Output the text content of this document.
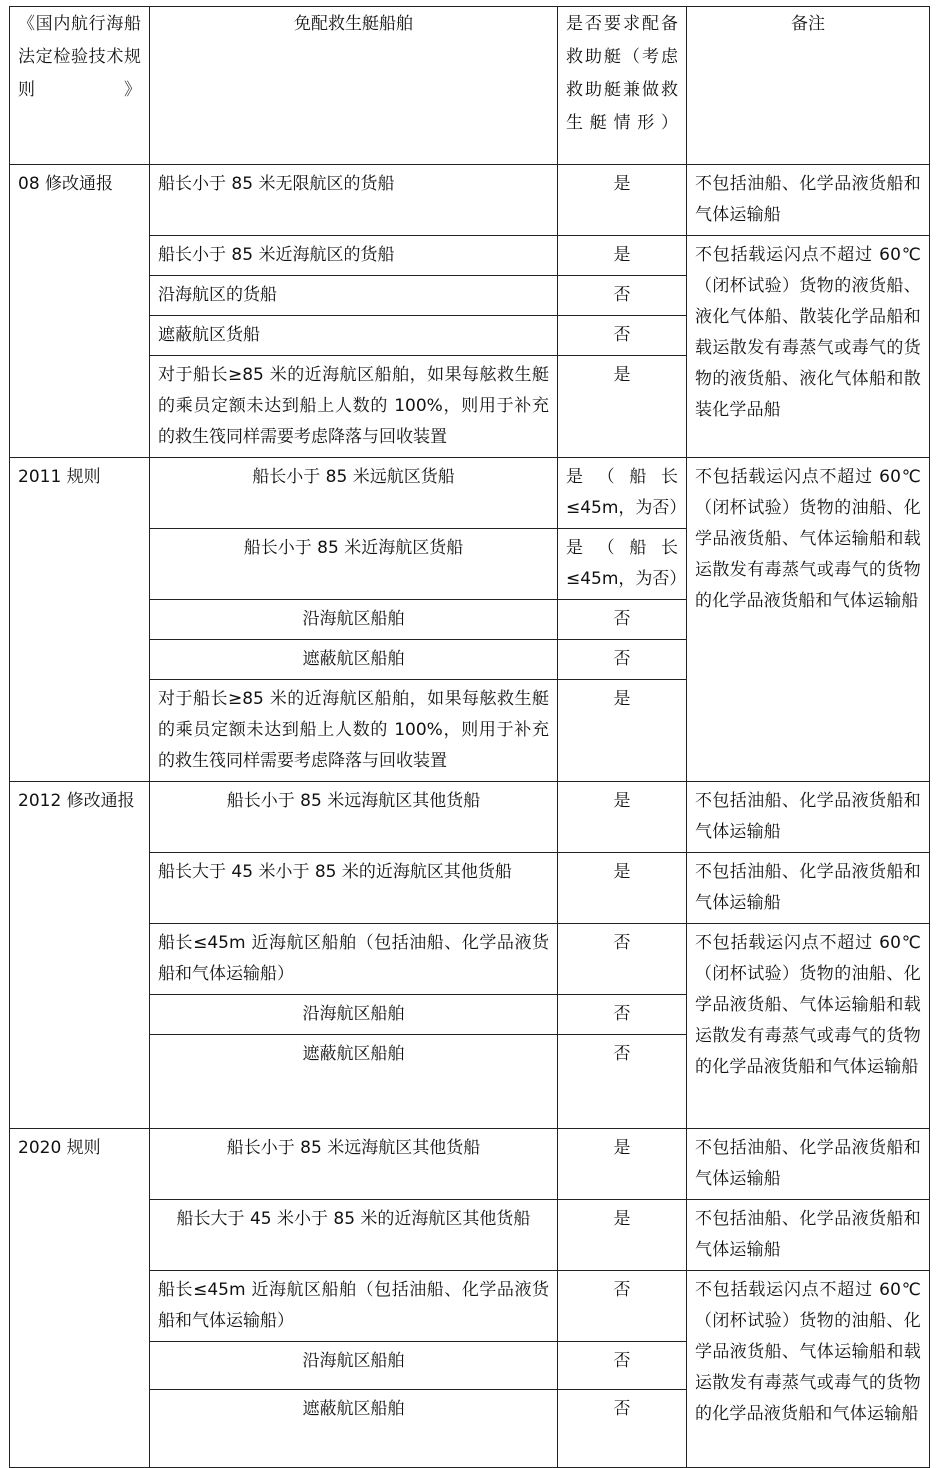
《国内航行海船法定检验技术规则》	免配救生艇船舶	是否要求配备救助艇（考虑救助艇兼做救生艇情形）	备注
08 修改通报	船长小于 85 米无限航区的货船	是	不包括油船、化学品液货船和气体运输船
	船长小于 85 米近海航区的货船	是	不包括载运闪点不超过 60℃（闭杯试验）货物的液货船、液化气体船、散装化学品船和载运散发有毒蒸气或毒气的货物的液货船、液化气体船和散装化学品船
	沿海航区的货船	否	
	遮蔽航区货船	否	
	对于船长≥85 米的近海航区船舶，如果每舷救生艇的乘员定额未达到船上人数的 100%，则用于补充的救生筏同样需要考虑降落与回收装置	是	
2011 规则	船长小于 85 米远航区货船	是（船长≤45m，为否）	不包括载运闪点不超过 60℃（闭杯试验）货物的油船、化学品液货船、气体运输船和载运散发有毒蒸气或毒气的货物的化学品液货船和气体运输船
	船长小于 85 米近海航区货船	是（船长≤45m，为否）	
	沿海航区船舶	否	
	遮蔽航区船舶	否	
	对于船长≥85 米的近海航区船舶，如果每舷救生艇的乘员定额未达到船上人数的 100%，则用于补充的救生筏同样需要考虑降落与回收装置	是	
2012 修改通报	船长小于 85 米远海航区其他货船	是	不包括油船、化学品液货船和气体运输船
	船长大于 45 米小于 85 米的近海航区其他货船	是	不包括油船、化学品液货船和气体运输船
	船长≤45m 近海航区船舶（包括油船、化学品液货船和气体运输船）	否	不包括载运闪点不超过 60℃（闭杯试验）货物的油船、化学品液货船、气体运输船和载运散发有毒蒸气或毒气的货物的化学品液货船和气体运输船
	沿海航区船舶	否	
	遮蔽航区船舶	否	
2020 规则	船长小于 85 米远海航区其他货船	是	不包括油船、化学品液货船和气体运输船
	船长大于 45 米小于 85 米的近海航区其他货船	是	不包括油船、化学品液货船和气体运输船
	船长≤45m 近海航区船舶（包括油船、化学品液货船和气体运输船）	否	不包括载运闪点不超过 60℃（闭杯试验）货物的油船、化学品液货船、气体运输船和载运散发有毒蒸气或毒气的货物的化学品液货船和气体运输船
	沿海航区船舶	否	
	遮蔽航区船舶	否	
